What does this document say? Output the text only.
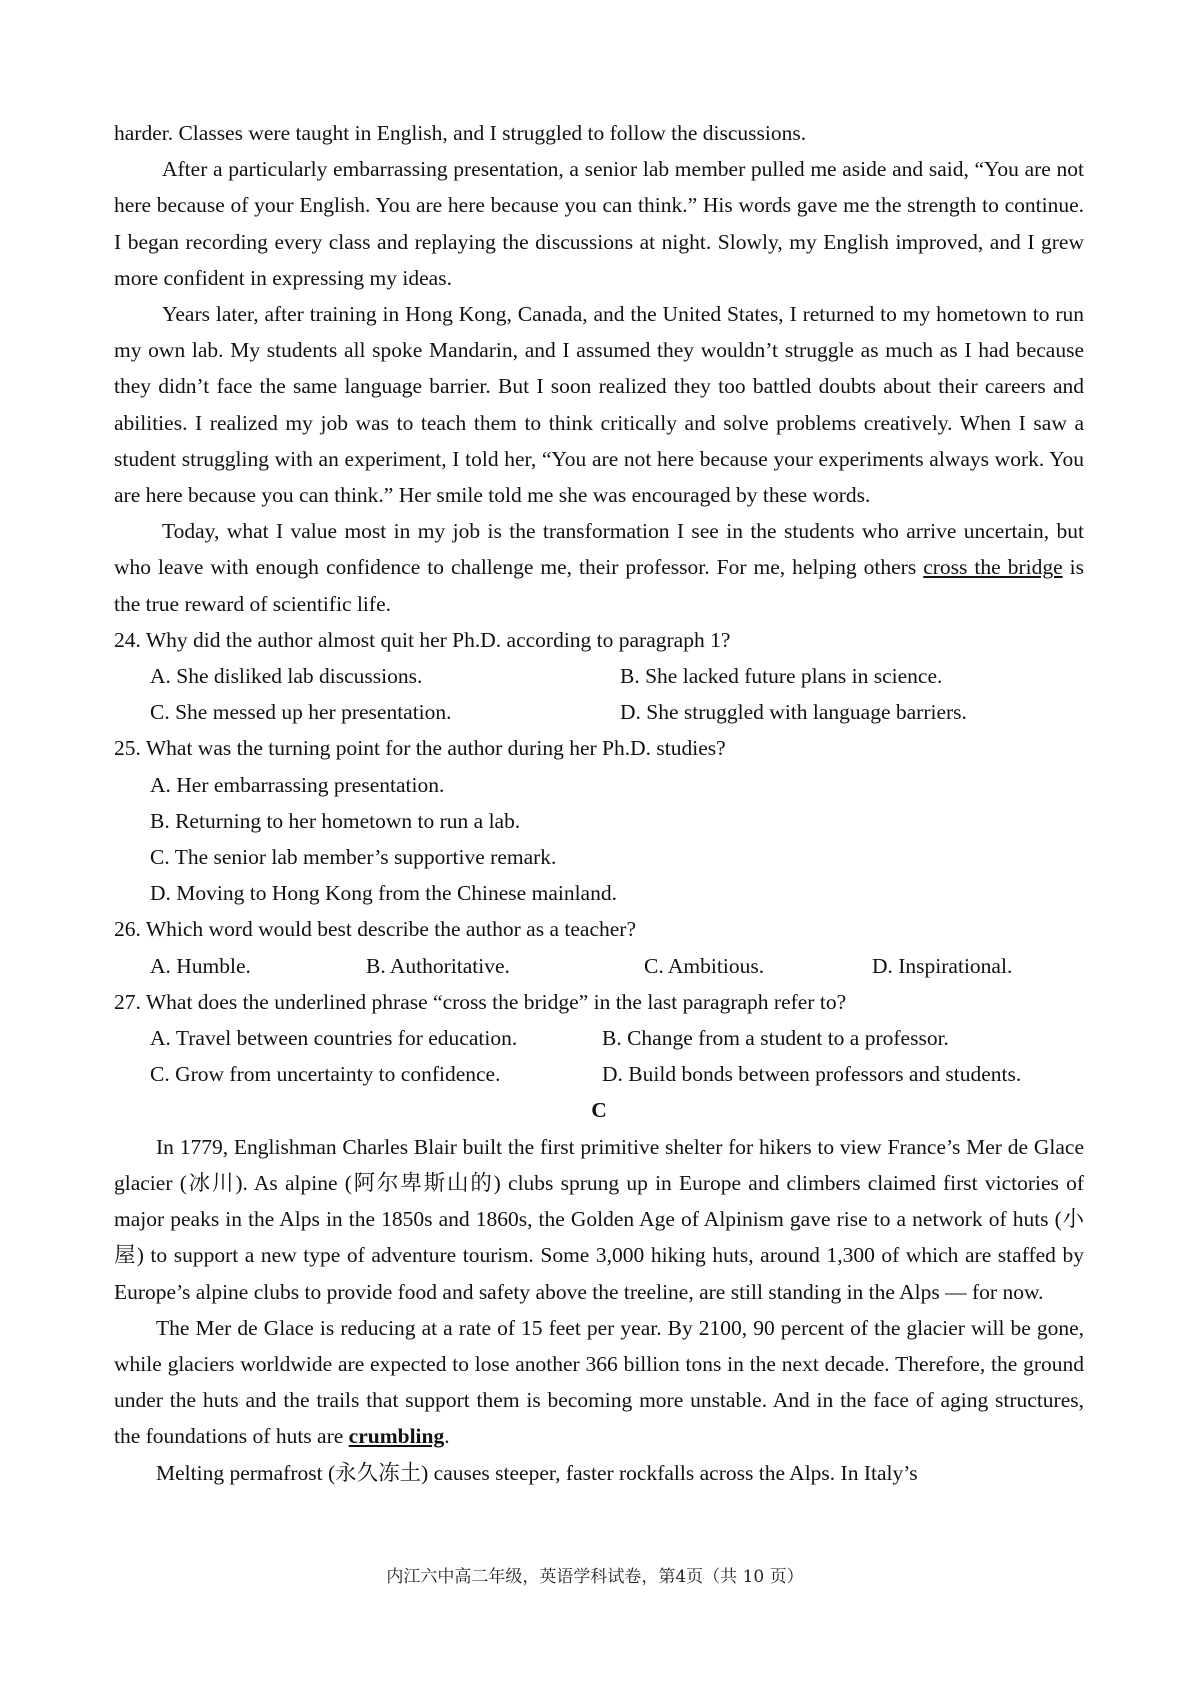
harder. Classes were taught in English, and I struggled to follow the discussions.

After a particularly embarrassing presentation, a senior lab member pulled me aside and said, “You are not here because of your English. You are here because you can think.” His words gave me the strength to continue. I began recording every class and replaying the discussions at night. Slowly, my English improved, and I grew more confident in expressing my ideas.

Years later, after training in Hong Kong, Canada, and the United States, I returned to my hometown to run my own lab. My students all spoke Mandarin, and I assumed they wouldn’t struggle as much as I had because they didn’t face the same language barrier. But I soon realized they too battled doubts about their careers and abilities. I realized my job was to teach them to think critically and solve problems creatively. When I saw a student struggling with an experiment, I told her, “You are not here because your experiments always work. You are here because you can think.” Her smile told me she was encouraged by these words.

Today, what I value most in my job is the transformation I see in the students who arrive uncertain, but who leave with enough confidence to challenge me, their professor. For me, helping others cross the bridge is the true reward of scientific life.

24. Why did the author almost quit her Ph.D. according to paragraph 1?

A. She disliked lab discussions.	B. She lacked future plans in science.
C. She messed up her presentation.	D. She struggled with language barriers.

25. What was the turning point for the author during her Ph.D. studies?

A. Her embarrassing presentation.
B. Returning to her hometown to run a lab.
C. The senior lab member’s supportive remark.
D. Moving to Hong Kong from the Chinese mainland.

26. Which word would best describe the author as a teacher?

A. Humble.	B. Authoritative.	C. Ambitious.	D. Inspirational.

27. What does the underlined phrase “cross the bridge” in the last paragraph refer to?

A. Travel between countries for education.	B. Change from a student to a professor.
C. Grow from uncertainty to confidence.	D. Build bonds between professors and students.

C

In 1779, Englishman Charles Blair built the first primitive shelter for hikers to view France’s Mer de Glace glacier (冰川). As alpine (阿尔卑斯山的) clubs sprung up in Europe and climbers claimed first victories of major peaks in the Alps in the 1850s and 1860s, the Golden Age of Alpinism gave rise to a network of huts (小屋) to support a new type of adventure tourism. Some 3,000 hiking huts, around 1,300 of which are staffed by Europe’s alpine clubs to provide food and safety above the treeline, are still standing in the Alps — for now.

The Mer de Glace is reducing at a rate of 15 feet per year. By 2100, 90 percent of the glacier will be gone, while glaciers worldwide are expected to lose another 366 billion tons in the next decade. Therefore, the ground under the huts and the trails that support them is becoming more unstable. And in the face of aging structures, the foundations of huts are crumbling.

Melting permafrost (永久冻土) causes steeper, faster rockfalls across the Alps. In Italy’s

内江六中高二年级，英语学科试卷，第4页（共 10 页）
